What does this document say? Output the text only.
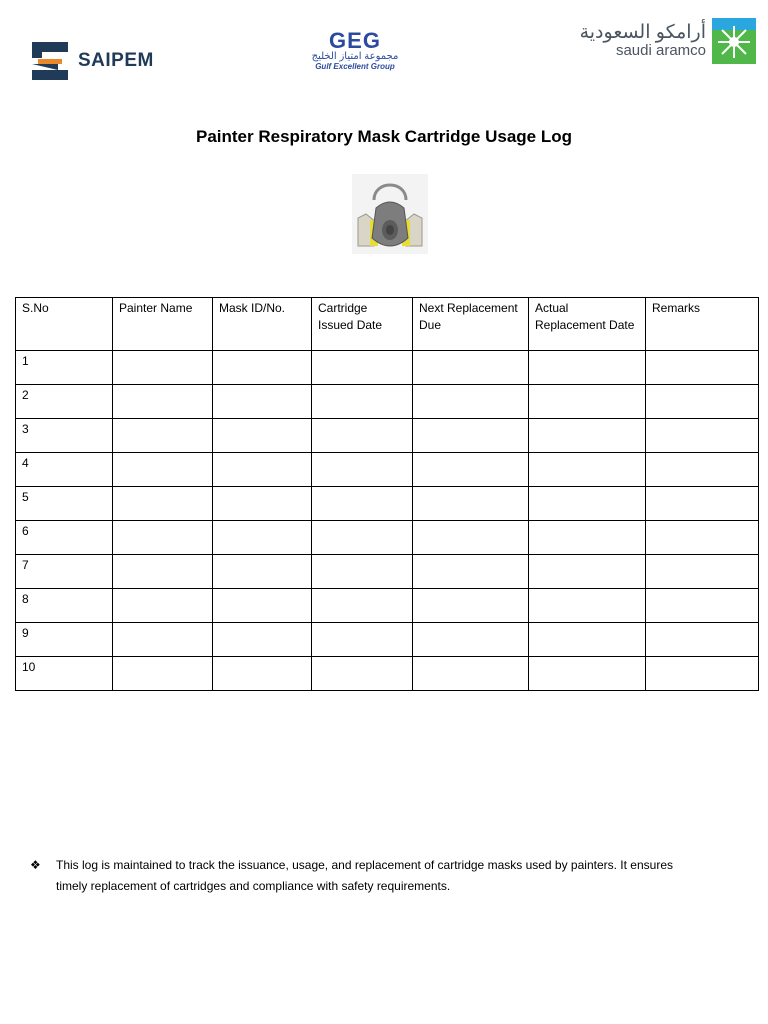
SAIPEM
GEG
مجموعة امتياز الخليج
Gulf Excellent Group
أرامكو السعودية
saudi aramco
Painter Respiratory Mask Cartridge Usage Log
S.No	Painter Name	Mask ID/No.	Cartridge Issued Date	Next Replacement Due	Actual Replacement Date	Remarks
1						
2						
3						
4						
5						
6						
7						
8						
9						
10						
❖ This log is maintained to track the issuance, usage, and replacement of cartridge masks used by painters. It ensures timely replacement of cartridges and compliance with safety requirements.
